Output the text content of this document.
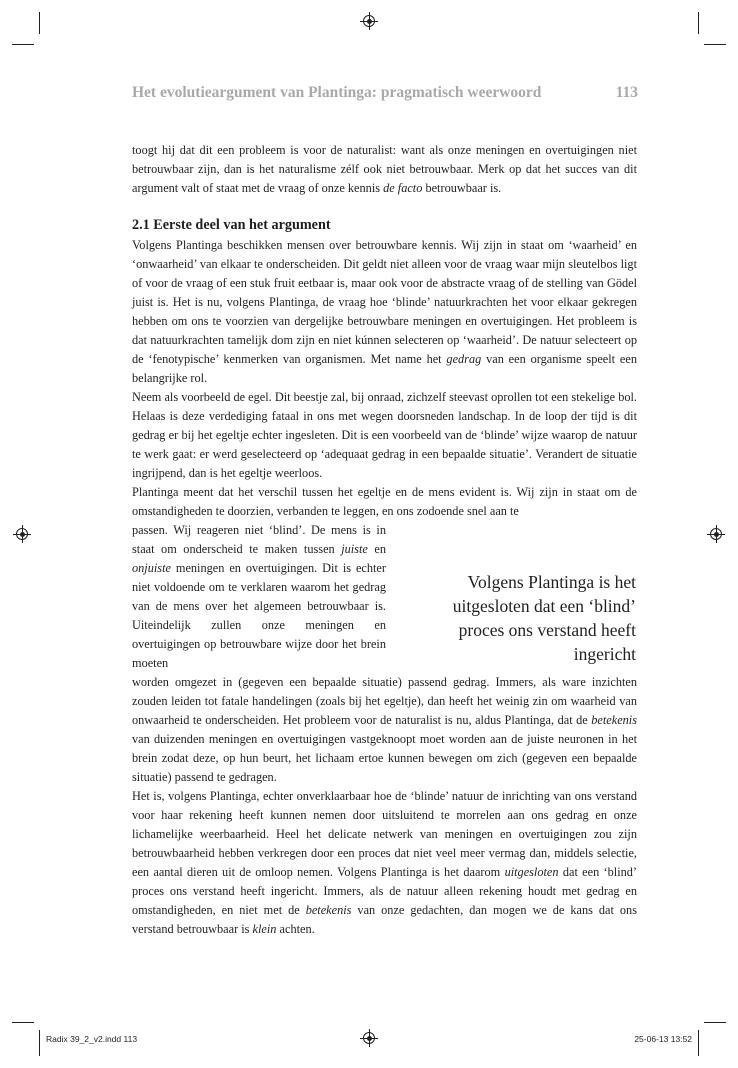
Het evolutieargument van Plantinga: pragmatisch weerwoord	113

toogt hij dat dit een probleem is voor de naturalist: want als onze meningen en overtuigingen niet betrouwbaar zijn, dan is het naturalisme zélf ook niet betrouwbaar. Merk op dat het succes van dit argument valt of staat met de vraag of onze kennis de facto betrouwbaar is.

2.1 Eerste deel van het argument

Volgens Plantinga beschikken mensen over betrouwbare kennis. Wij zijn in staat om ‘waarheid’ en ‘onwaarheid’ van elkaar te onderscheiden. Dit geldt niet alleen voor de vraag waar mijn sleutelbos ligt of voor de vraag of een stuk fruit eetbaar is, maar ook voor de abstracte vraag of de stelling van Gödel juist is. Het is nu, volgens Plantinga, de vraag hoe ‘blinde’ natuurkrachten het voor elkaar gekregen hebben om ons te voorzien van dergelijke betrouwbare meningen en overtuigingen. Het probleem is dat natuurkrachten tamelijk dom zijn en niet kúnnen selecteren op ‘waarheid’. De natuur selecteert op de ‘fenotypische’ kenmerken van organismen. Met name het gedrag van een organisme speelt een belangrijke rol.

Neem als voorbeeld de egel. Dit beestje zal, bij onraad, zichzelf steevast oprollen tot een stekelige bol. Helaas is deze verdediging fataal in ons met wegen doorsneden landschap. In de loop der tijd is dit gedrag er bij het egeltje echter ingesleten. Dit is een voorbeeld van de ‘blinde’ wijze waarop de natuur te werk gaat: er werd geselecteerd op ‘adequaat gedrag in een bepaalde situatie’. Verandert de situatie ingrijpend, dan is het egeltje weerloos.

Plantinga meent dat het verschil tussen het egeltje en de mens evident is. Wij zijn in staat om de omstandigheden te doorzien, verbanden te leggen, en ons zodoende snel aan te

passen. Wij reageren niet ‘blind’. De mens is in staat om onderscheid te maken tussen juiste en onjuiste meningen en overtuigingen. Dit is echter niet voldoende om te verklaren waarom het gedrag van de mens over het algemeen betrouwbaar is. Uiteindelijk zullen onze meningen en overtuigingen op betrouwbare wijze door het brein moeten

worden omgezet in (gegeven een bepaalde situatie) passend gedrag. Immers, als ware inzichten zouden leiden tot fatale handelingen (zoals bij het egeltje), dan heeft het weinig zin om waarheid van onwaarheid te onderscheiden. Het probleem voor de naturalist is nu, aldus Plantinga, dat de betekenis van duizenden meningen en overtuigingen vastgeknoopt moet worden aan de juiste neuronen in het brein zodat deze, op hun beurt, het lichaam ertoe kunnen bewegen om zich (gegeven een bepaalde situatie) passend te gedragen.

Het is, volgens Plantinga, echter onverklaarbaar hoe de ‘blinde’ natuur de inrichting van ons verstand voor haar rekening heeft kunnen nemen door uitsluitend te morrelen aan ons gedrag en onze lichamelijke weerbaarheid. Heel het delicate netwerk van meningen en overtuigingen zou zijn betrouwbaarheid hebben verkregen door een proces dat niet veel meer vermag dan, middels selectie, een aantal dieren uit de omloop nemen. Volgens Plantinga is het daarom uitgesloten dat een ‘blind’ proces ons verstand heeft ingericht. Immers, als de natuur alleen rekening houdt met gedrag en omstandigheden, en niet met de betekenis van onze gedachten, dan mogen we de kans dat ons verstand betrouwbaar is klein achten.

Volgens Plantinga is het uitgesloten dat een ‘blind’ proces ons verstand heeft ingericht
Radix 39_2_v2.indd 113	25-06-13 13:52
